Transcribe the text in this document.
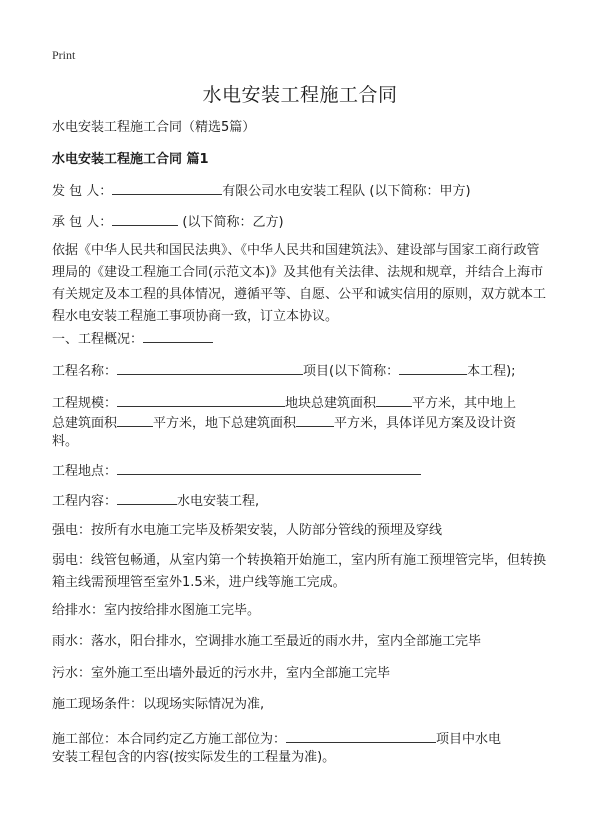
Print
水电安装工程施工合同
水电安装工程施工合同（精选5篇）
水电安装工程施工合同 篇1
发 包 人：	有限公司水电安装工程队 (以下简称：甲方)
承 包 人：	(以下简称：乙方)
依据《中华人民共和国民法典》、《中华人民共和国建筑法》、建设部与国家工商行政管理局的《建设工程施工合同(示范文本)》及其他有关法律、法规和规章，并结合上海市有关规定及本工程的具体情况，遵循平等、自愿、公平和诚实信用的原则，双方就本工程水电安装工程施工事项协商一致，订立本协议。
一、工程概况：
工程名称：	项目(以下简称：	本工程);
工程规模：	地块总建筑面积	平方米，其中地上
总建筑面积	平方米，地下总建筑面积	平方米，具体详见方案及设计资
料。
工程地点：
工程内容：	水电安装工程,
强电：按所有水电施工完毕及桥架安装，人防部分管线的预埋及穿线
弱电：线管包畅通，从室内第一个转换箱开始施工，室内所有施工预埋管完毕，但转换箱主线需预埋管至室外1.5米，进户线等施工完成。
给排水：室内按给排水图施工完毕。
雨水：落水，阳台排水，空调排水施工至最近的雨水井，室内全部施工完毕
污水：室外施工至出墙外最近的污水井，室内全部施工完毕
施工现场条件：以现场实际情况为准,
施工部位：本合同约定乙方施工部位为：	项目中水电
安装工程包含的内容(按实际发生的工程量为准)。
